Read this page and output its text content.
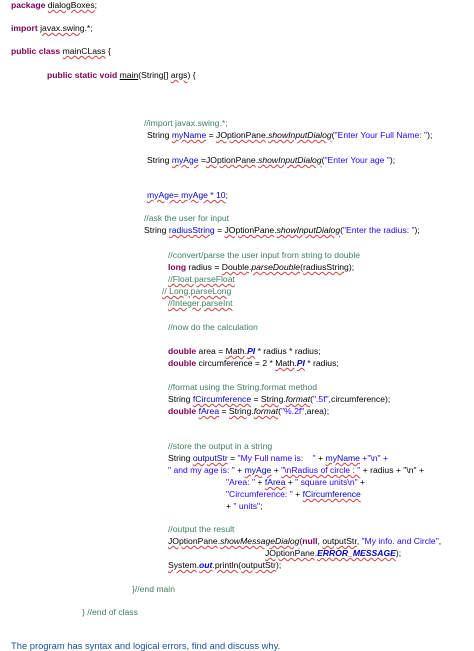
package dialogBoxes;
import javax.swing.*;
public class mainCLass {
public static void main(String[] args) {
//import javax.swing.*;
String myName = JOptionPane.showInputDialog("Enter Your Full Name: ");
String myAge =JOptionPane.showInputDialog("Enter Your age ");
myAge= myAge * 10;
//ask the user for input
String radiusString = JOptionPane.showInputDialog("Enter the radius: ");
//convert/parse the user input from string to double
long radius = Double.parseDouble(radiusString);
//Float.parseFloat
// Long.parseLong
//Integer.parseInt
//now do the calculation
double area = Math.PI * radius * radius;
double circumference = 2 * Math.PI * radius;
//format using the String.format method
String fCircumference = String.format(".5f",circumference);
double fArea = String.format("%.2f",area);
//store the output in a string
String outputStr = "My Full name is:    " + myName +"\n" +
" and my age is: " + myAge + "\nRadius of circle : " + radius + "\n" +
"Area: " + fArea + " square units\n" +
"Circumference: " + fCircumference
+ " units";
//output the result
JOptionPane.showMessageDialog(null, outputStr, "My info. and Circle",
JOptionPane.ERROR_MESSAGE);
System.out.println(outputStr);
}//end main
} //end of class
The program has syntax and logical errors, find and discuss why.
